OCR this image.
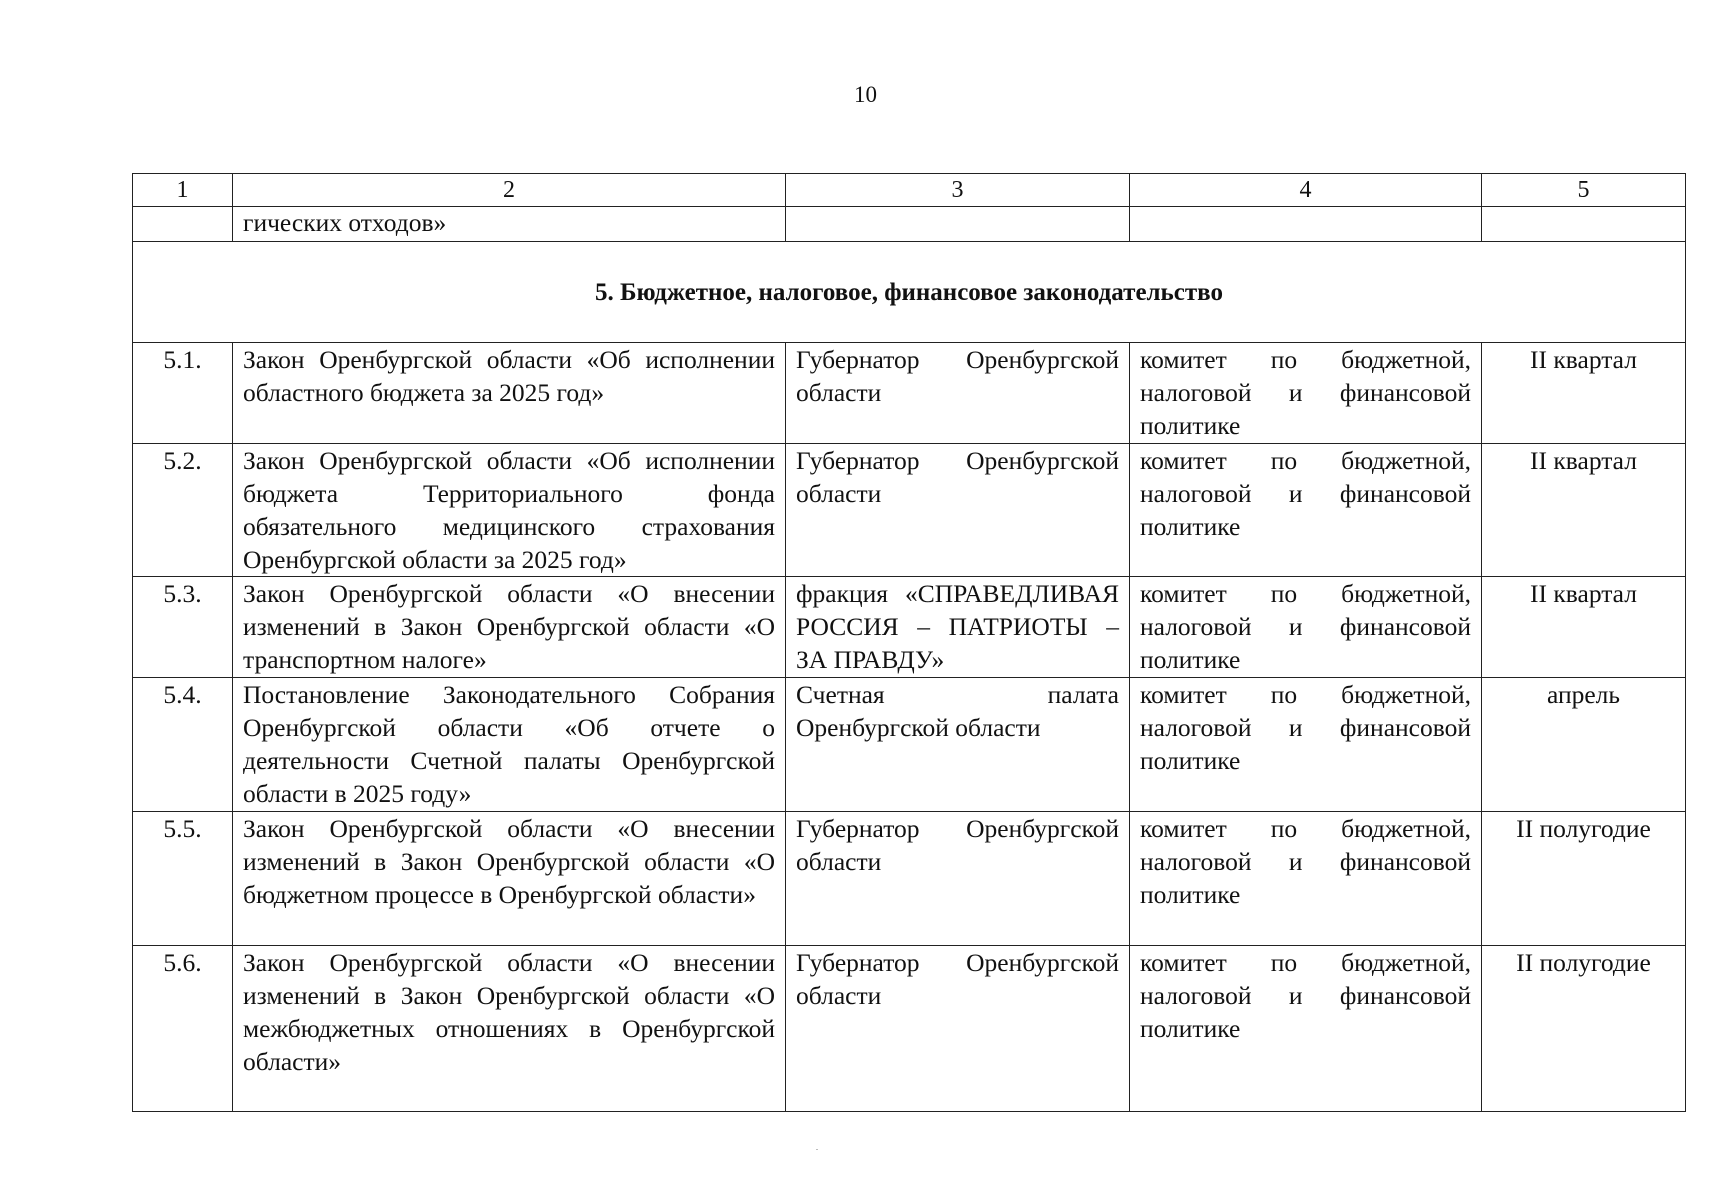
10
1	2	3	4	5
	гических отходов»			
5. Бюджетное, налоговое, финансовое законодательство				
5.1.	Закон Оренбургской области «Об исполнении областного бюджета за 2025 год»	Губернатор Оренбургской области	комитет по бюджетной, налоговой и финансовой политике	II квартал
5.2.	Закон Оренбургской области «Об исполнении бюджета Территориального фонда обязательного медицинского страхования Оренбургской области за 2025 год»	Губернатор Оренбургской области	комитет по бюджетной, налоговой и финансовой политике	II квартал
5.3.	Закон Оренбургской области «О внесении изменений в Закон Оренбургской области «О транспортном налоге»	фракция «СПРАВЕДЛИВАЯ РОССИЯ – ПАТРИОТЫ – ЗА ПРАВДУ»	комитет по бюджетной, налоговой и финансовой политике	II квартал
5.4.	Постановление Законодательного Собрания Оренбургской области «Об отчете о деятельности Счетной палаты Оренбургской области в 2025 году»	Счетная палата Оренбургской области	комитет по бюджетной, налоговой и финансовой политике	апрель
5.5.	Закон Оренбургской области «О внесении изменений в Закон Оренбургской области «О бюджетном процессе в Оренбургской области»	Губернатор Оренбургской области	комитет по бюджетной, налоговой и финансовой политике	II полугодие
5.6.	Закон Оренбургской области «О внесении изменений в Закон Оренбургской области «О межбюджетных отношениях в Оренбургской области»	Губернатор Оренбургской области	комитет по бюджетной, налоговой и финансовой политике	II полугодие
